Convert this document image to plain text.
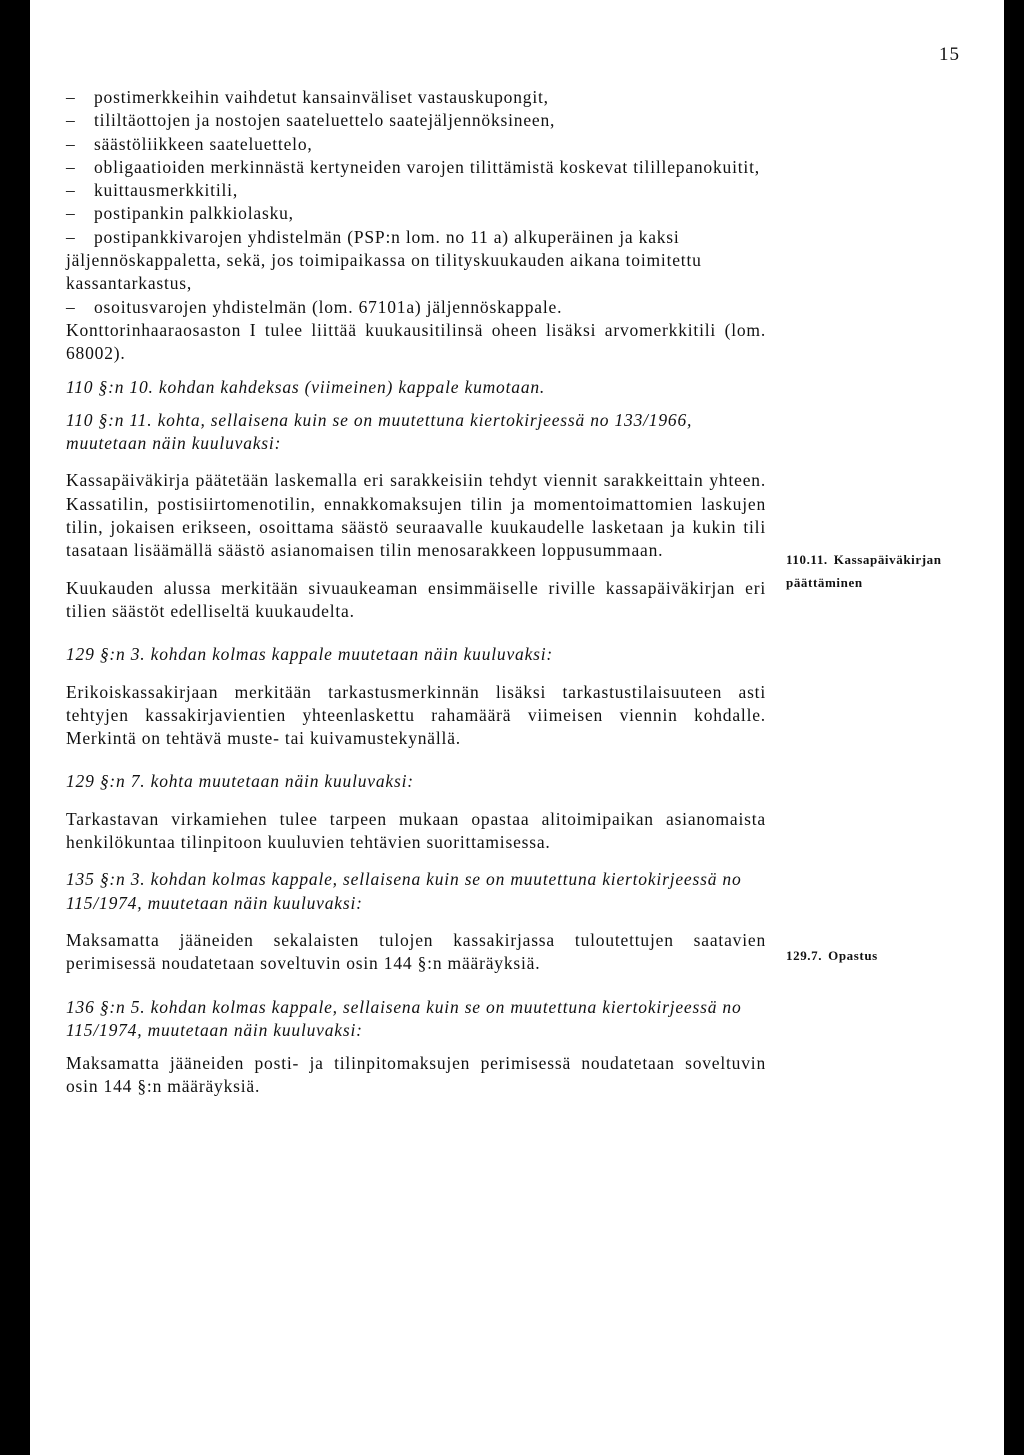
15
– postimerkkeihin vaihdetut kansainväliset vastauskupongit,
– tililtäottojen ja nostojen saateluettelo saatejäljennöksineen,
– säästöliikkeen saateluettelo,
– obligaatioiden merkinnästä kertyneiden varojen tilittämistä koskevat tilillepanokuitit,
– kuittausmerkkitili,
– postipankin palkkiolasku,
– postipankkivarojen yhdistelmän (PSP:n lom. no 11 a) alkuperäinen ja kaksi jäljennöskappaletta, sekä, jos toimipaikassa on tilityskuukauden aikana toimitettu kassantarkastus,
– osoitusvarojen yhdistelmän (lom. 67101a) jäljennöskappale.

Konttorinhaaraosaston I tulee liittää kuukausitilinsä oheen lisäksi arvomerkkitili (lom. 68002).

110 §:n 10. kohdan kahdeksas (viimeinen) kappale kumotaan.

110 §:n 11. kohta, sellaisena kuin se on muutettuna kiertokirjeessä no 133/1966, muutetaan näin kuuluvaksi:

Kassapäiväkirja päätetään laskemalla eri sarakkeisiin tehdyt viennit sarakkeittain yhteen. Kassatilin, postisiirtomenotilin, ennakkomaksujen tilin ja momentoimattomien laskujen tilin, jokaisen erikseen, osoittama säästö seuraavalle kuukaudelle lasketaan ja kukin tili tasataan lisäämällä säästö asianomaisen tilin menosarakkeen loppusummaan.

Kuukauden alussa merkitään sivuaukeaman ensimmäiselle riville kassapäiväkirjan eri tilien säästöt edelliseltä kuukaudelta.

129 §:n 3. kohdan kolmas kappale muutetaan näin kuuluvaksi:

Erikoiskassakirjaan merkitään tarkastusmerkinnän lisäksi tarkastustilaisuuteen asti tehtyjen kassakirjavientien yhteenlaskettu rahamäärä viimeisen viennin kohdalle. Merkintä on tehtävä muste- tai kuivamustekynällä.

129 §:n 7. kohta muutetaan näin kuuluvaksi:

Tarkastavan virkamiehen tulee tarpeen mukaan opastaa alitoimipaikan asianomaista henkilökuntaa tilinpitoon kuuluvien tehtävien suorittamisessa.

135 §:n 3. kohdan kolmas kappale, sellaisena kuin se on muutettuna kiertokirjeessä no 115/1974, muutetaan näin kuuluvaksi:

Maksamatta jääneiden sekalaisten tulojen kassakirjassa tuloutettujen saatavien perimisessä noudatetaan soveltuvin osin 144 §:n määräyksiä.

136 §:n 5. kohdan kolmas kappale, sellaisena kuin se on muutettuna kiertokirjeessä no 115/1974, muutetaan näin kuuluvaksi:

Maksamatta jääneiden posti- ja tilinpitomaksujen perimisessä noudatetaan soveltuvin osin 144 §:n määräyksiä.

110.11. Kassapäiväkirjan päättäminen
129.7. Opastus
